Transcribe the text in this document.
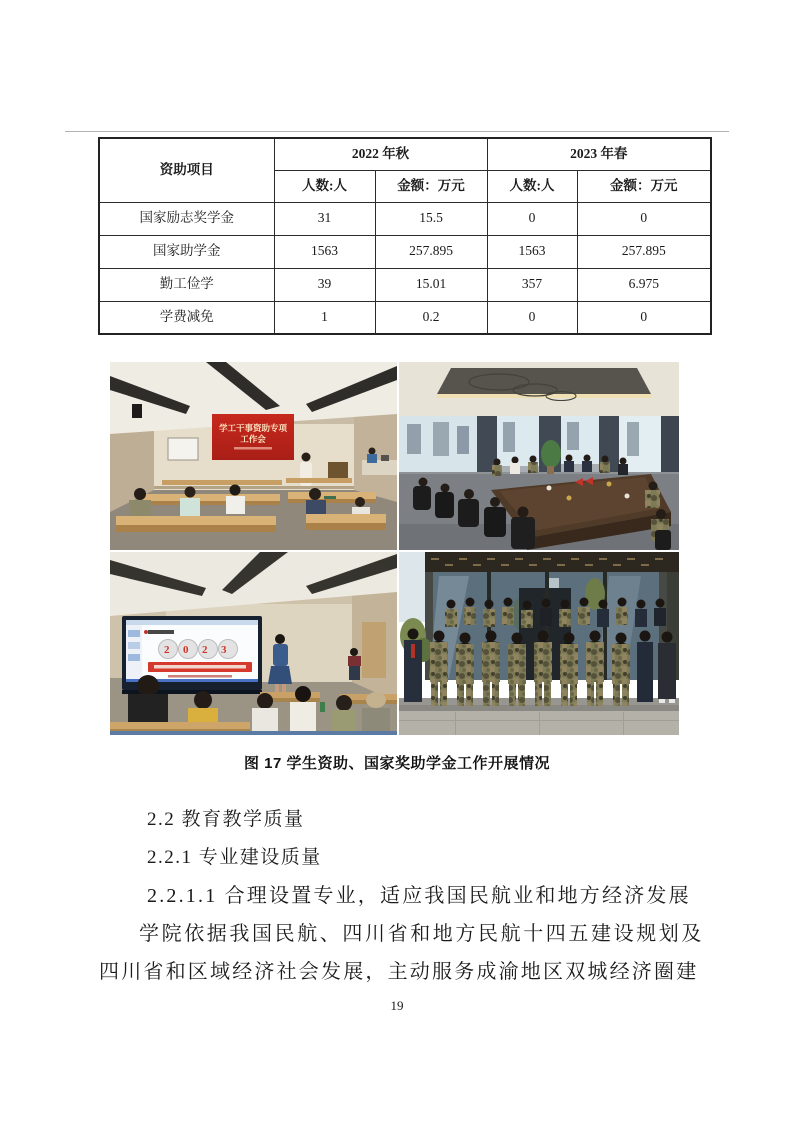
资助项目	2022 年秋		2023 年春	
	人数:人	金额：万元	人数:人	金额：万元
国家励志奖学金	31	15.5	0	0
国家助学金	1563	257.895	1563	257.895
勤工俭学	39	15.01	357	6.975
学费减免	1	0.2	0	0
学工干事资助专项
工作会
2023
图 17 学生资助、国家奖助学金工作开展情况
2.2 教育教学质量
2.2.1 专业建设质量
2.2.1.1 合理设置专业，适应我国民航业和地方经济发展
学院依据我国民航、四川省和地方民航十四五建设规划及
四川省和区域经济社会发展，主动服务成渝地区双城经济圈建
19
